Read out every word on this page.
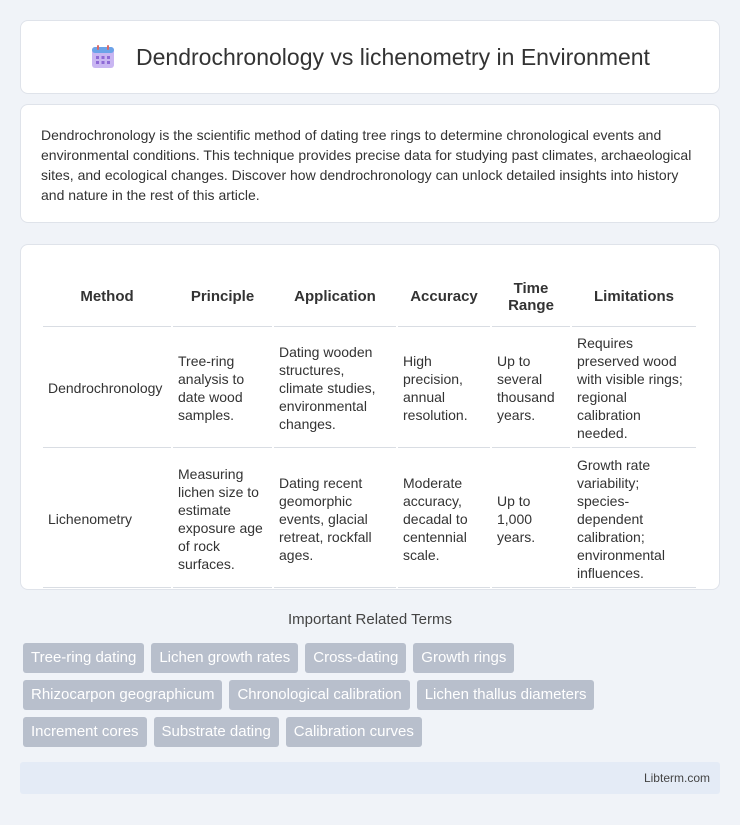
Dendrochronology vs lichenometry in Environment

Dendrochronology is the scientific method of dating tree rings to determine chronological events and environmental conditions. This technique provides precise data for studying past climates, archaeological sites, and ecological changes. Discover how dendrochronology can unlock detailed insights into history and nature in the rest of this article.

Method	Principle	Application	Accuracy	Time Range	Limitations
Dendrochronology	Tree-ring analysis to date wood samples.	Dating wooden structures, climate studies, environmental changes.	High precision, annual resolution.	Up to several thousand years.	Requires preserved wood with visible rings; regional calibration needed.
Lichenometry	Measuring lichen size to estimate exposure age of rock surfaces.	Dating recent geomorphic events, glacial retreat, rockfall ages.	Moderate accuracy, decadal to centennial scale.	Up to 1,000 years.	Growth rate variability; species-dependent calibration; environmental influences.
Important Related Terms
Tree-ring dating	Lichen growth rates	Cross-dating	Growth rings
Rhizocarpon geographicum	Chronological calibration	Lichen thallus diameters
Increment cores	Substrate dating	Calibration curves
Libterm.com
